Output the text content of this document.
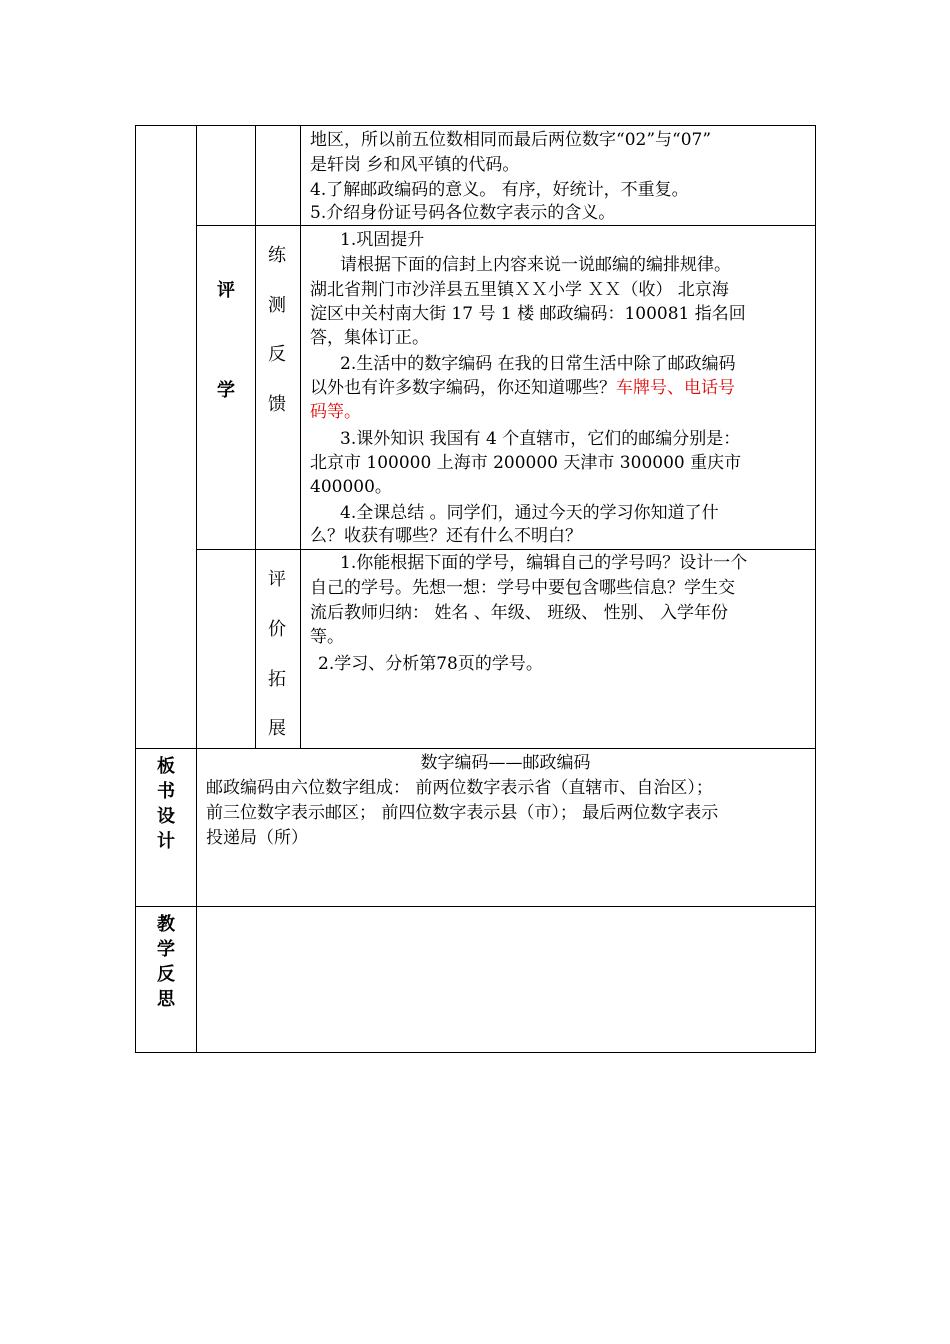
地区，所以前五位数相同而最后两位数字“02”与“07”
是轩岗 乡和风平镇的代码。
4.了解邮政编码的意义。 有序，好统计，不重复。
5.介绍身份证号码各位数字表示的含义。
评
学
练
测
反
馈
1.巩固提升
请根据下面的信封上内容来说一说邮编的编排规律。
湖北省荆门市沙洋县五里镇ＸＸ小学 ＸＸ（收） 北京海
淀区中关村南大街 17 号 1 楼 邮政编码：100081 指名回
答，集体订正。
2.生活中的数字编码 在我的日常生活中除了邮政编码
以外也有许多数字编码，你还知道哪些？车牌号、电话号
码等。
3.课外知识 我国有 4 个直辖市，它们的邮编分别是：
北京市 100000 上海市 200000 天津市 300000 重庆市
400000。
4.全课总结 。同学们，通过今天的学习你知道了什
么？收获有哪些？还有什么不明白？
评
价
拓
展
1.你能根据下面的学号，编辑自己的学号吗？设计一个
自己的学号。先想一想：学号中要包含哪些信息？学生交
流后教师归纳： 姓名 、年级、 班级、 性别、 入学年份
等。
2.学习、分析第78页的学号。
板
书
设
计
数字编码——邮政编码
邮政编码由六位数字组成： 前两位数字表示省（直辖市、自治区）；
前三位数字表示邮区； 前四位数字表示县（市）； 最后两位数字表示
投递局（所）
教
学
反
思
